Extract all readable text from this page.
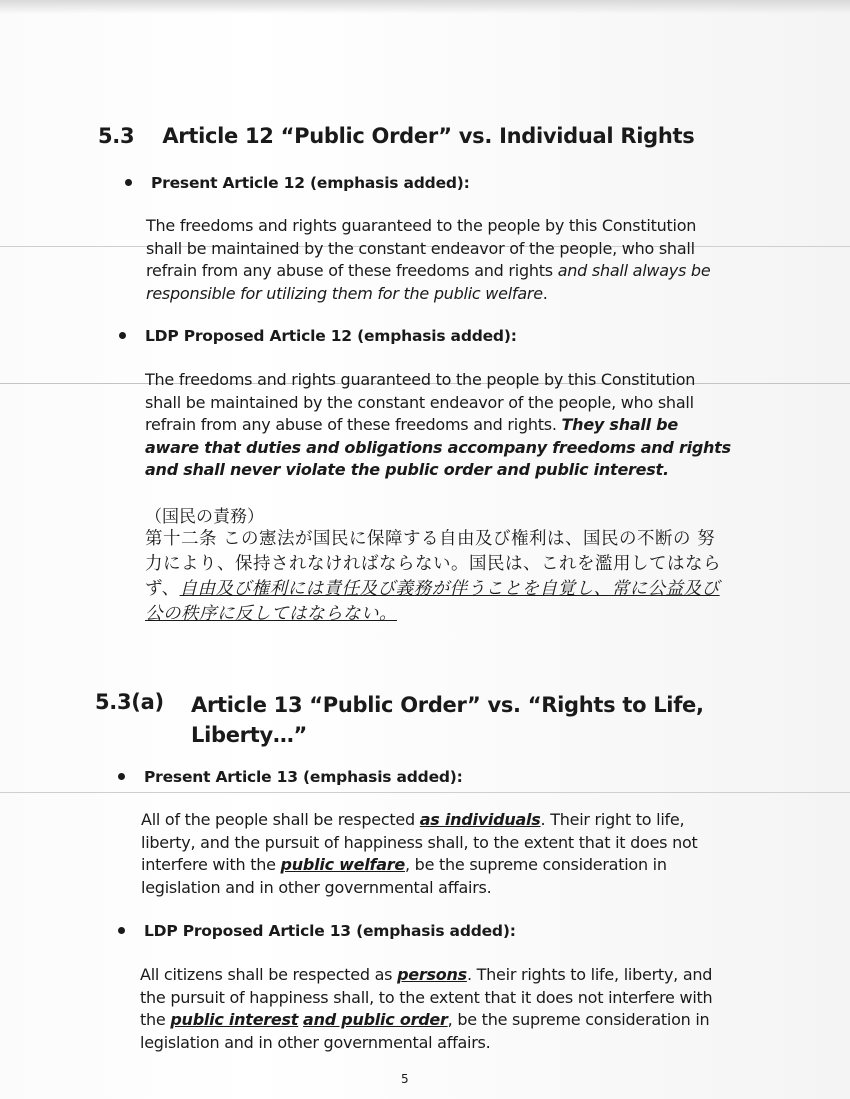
5.3 Article 12 “Public Order” vs. Individual Rights
Present Article 12 (emphasis added):
The freedoms and rights guaranteed to the people by this Constitution shall be maintained by the constant endeavor of the people, who shall refrain from any abuse of these freedoms and rights and shall always be responsible for utilizing them for the public welfare.
LDP Proposed Article 12 (emphasis added):
The freedoms and rights guaranteed to the people by this Constitution shall be maintained by the constant endeavor of the people, who shall refrain from any abuse of these freedoms and rights. They shall be aware that duties and obligations accompany freedoms and rights and shall never violate the public order and public interest.
（国民の責務）
第十二条 この憲法が国民に保障する自由及び権利は、国民の不断の 努力により、保持されなければならない。国民は、これを濫用してはなら ず、自由及び権利には責任及び義務が伴うことを自覚し、常に公益及び 公の秩序に反してはならない。
5.3(a) Article 13 “Public Order” vs. “Rights to Life,
Liberty…”
Present Article 13 (emphasis added):
All of the people shall be respected as individuals. Their right to life, liberty, and the pursuit of happiness shall, to the extent that it does not interfere with the public welfare, be the supreme consideration in legislation and in other governmental affairs.
LDP Proposed Article 13 (emphasis added):
All citizens shall be respected as persons. Their rights to life, liberty, and the pursuit of happiness shall, to the extent that it does not interfere with the public interest and public order, be the supreme consideration in legislation and in other governmental affairs.
5
